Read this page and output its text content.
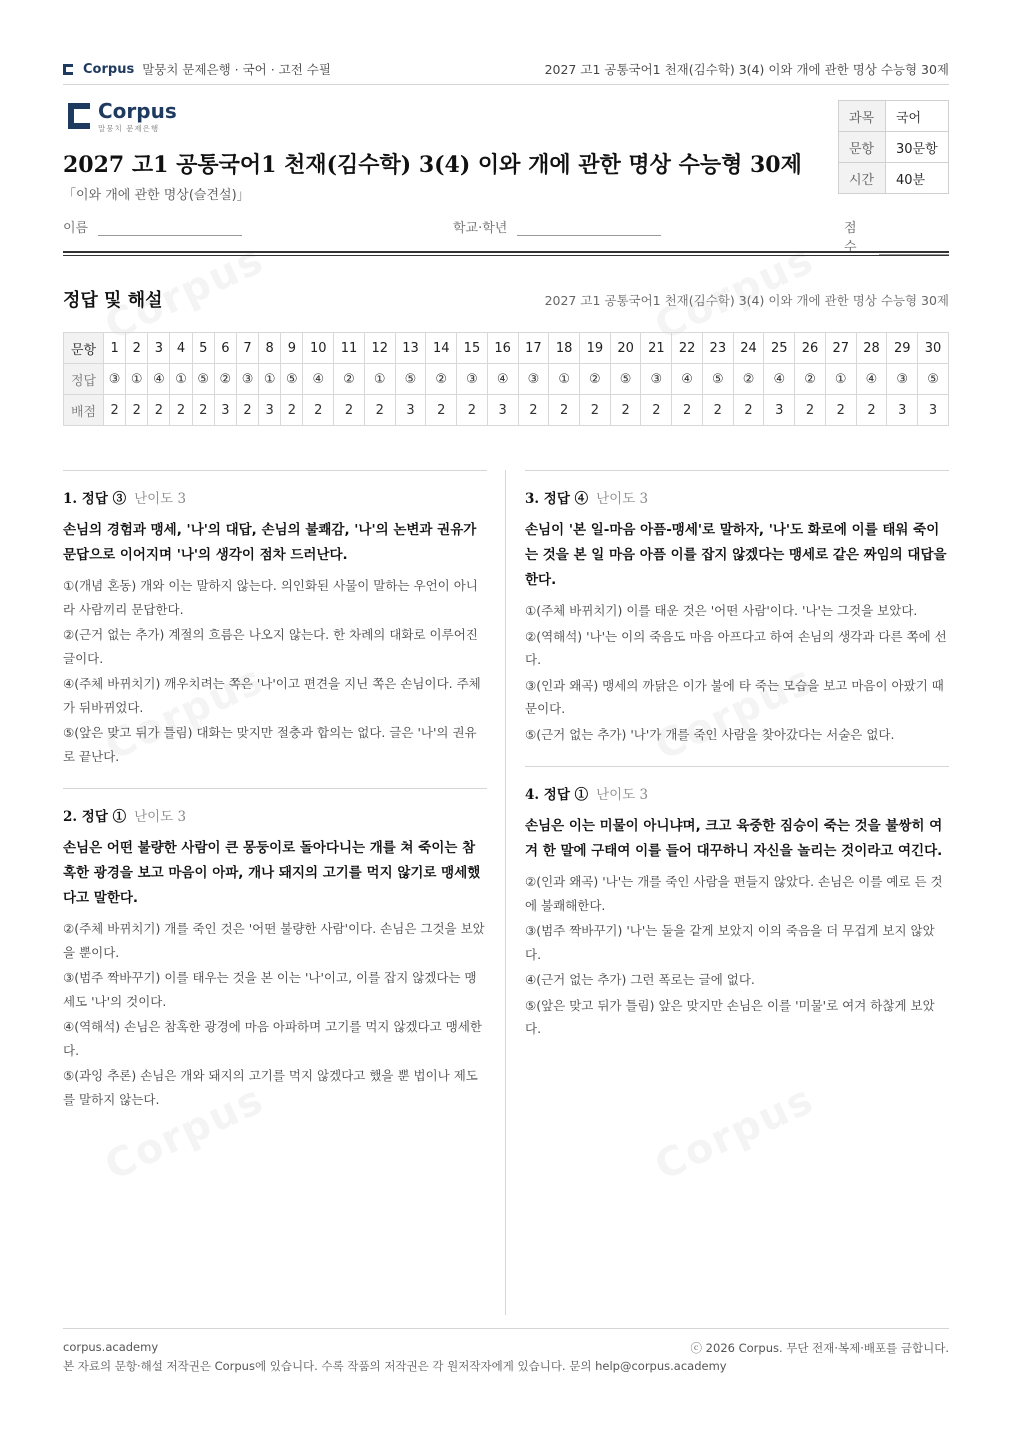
Corpus 말뭉치 문제은행 · 국어 · 고전 수필	2027 고1 공통국어1 천재(김수학) 3(4) 이와 개에 관한 명상 수능형 30제
Corpus
말뭉치 문제은행
2027 고1 공통국어1 천재(김수학) 3(4) 이와 개에 관한 명상 수능형 30제
「이와 개에 관한 명상(슬견설)」
과목	국어
문항	30문항
시간	40분
이름	학교·학년	점수
정답 및 해설	2027 고1 공통국어1 천재(김수학) 3(4) 이와 개에 관한 명상 수능형 30제
문항	1	2	3	4	5	6	7	8	9	10	11	12	13	14	15	16	17	18	19	20	21	22	23	24	25	26	27	28	29	30
정답	③	①	④	①	⑤	②	③	①	⑤	④	②	①	⑤	②	③	④	③	①	②	⑤	③	④	⑤	②	④	②	①	④	③	⑤
배점	2	2	2	2	2	3	2	3	2	2	2	2	3	2	2	3	2	2	2	2	2	2	2	2	3	2	2	2	3	3
1. 정답 ③ 난이도 3
손님의 경험과 맹세, '나'의 대답, 손님의 불쾌감, '나'의 논변과 권유가 문답으로 이어지며 '나'의 생각이 점차 드러난다.
①(개념 혼동) 개와 이는 말하지 않는다. 의인화된 사물이 말하는 우언이 아니라 사람끼리 문답한다.
②(근거 없는 추가) 계절의 흐름은 나오지 않는다. 한 차례의 대화로 이루어진 글이다.
④(주체 바뀌치기) 깨우치려는 쪽은 '나'이고 편견을 지닌 쪽은 손님이다. 주체가 뒤바뀌었다.
⑤(앞은 맞고 뒤가 틀림) 대화는 맞지만 절충과 합의는 없다. 글은 '나'의 권유로 끝난다.
2. 정답 ① 난이도 3
손님은 어떤 불량한 사람이 큰 몽둥이로 돌아다니는 개를 쳐 죽이는 참혹한 광경을 보고 마음이 아파, 개나 돼지의 고기를 먹지 않기로 맹세했다고 말한다.
②(주체 바뀌치기) 개를 죽인 것은 '어떤 불량한 사람'이다. 손님은 그것을 보았을 뿐이다.
③(범주 짝바꾸기) 이를 태우는 것을 본 이는 '나'이고, 이를 잡지 않겠다는 맹세도 '나'의 것이다.
④(역해석) 손님은 참혹한 광경에 마음 아파하며 고기를 먹지 않겠다고 맹세한다.
⑤(과잉 추론) 손님은 개와 돼지의 고기를 먹지 않겠다고 했을 뿐 법이나 제도를 말하지 않는다.
3. 정답 ④ 난이도 3
손님이 '본 일-마음 아픔-맹세'로 말하자, '나'도 화로에 이를 태워 죽이는 것을 본 일 마음 아픔 이를 잡지 않겠다는 맹세로 같은 짜임의 대답을 한다.
①(주체 바뀌치기) 이를 태운 것은 '어떤 사람'이다. '나'는 그것을 보았다.
②(역해석) '나'는 이의 죽음도 마음 아프다고 하여 손님의 생각과 다른 쪽에 선다.
③(인과 왜곡) 맹세의 까닭은 이가 불에 타 죽는 모습을 보고 마음이 아팠기 때문이다.
⑤(근거 없는 추가) '나'가 개를 죽인 사람을 찾아갔다는 서술은 없다.
4. 정답 ① 난이도 3
손님은 이는 미물이 아니냐며, 크고 육중한 짐승이 죽는 것을 불쌍히 여겨 한 말에 구태여 이를 들어 대꾸하니 자신을 놀리는 것이라고 여긴다.
②(인과 왜곡) '나'는 개를 죽인 사람을 편들지 않았다. 손님은 이를 예로 든 것에 불쾌해한다.
③(범주 짝바꾸기) '나'는 둘을 같게 보았지 이의 죽음을 더 무겁게 보지 않았다.
④(근거 없는 추가) 그런 폭로는 글에 없다.
⑤(앞은 맞고 뒤가 틀림) 앞은 맞지만 손님은 이를 '미물'로 여겨 하찮게 보았다.
corpus.academy	ⓒ 2026 Corpus. 무단 전재·복제·배포를 금합니다.
본 자료의 문항·해설 저작권은 Corpus에 있습니다. 수록 작품의 저작권은 각 원저작자에게 있습니다. 문의 help@corpus.academy
